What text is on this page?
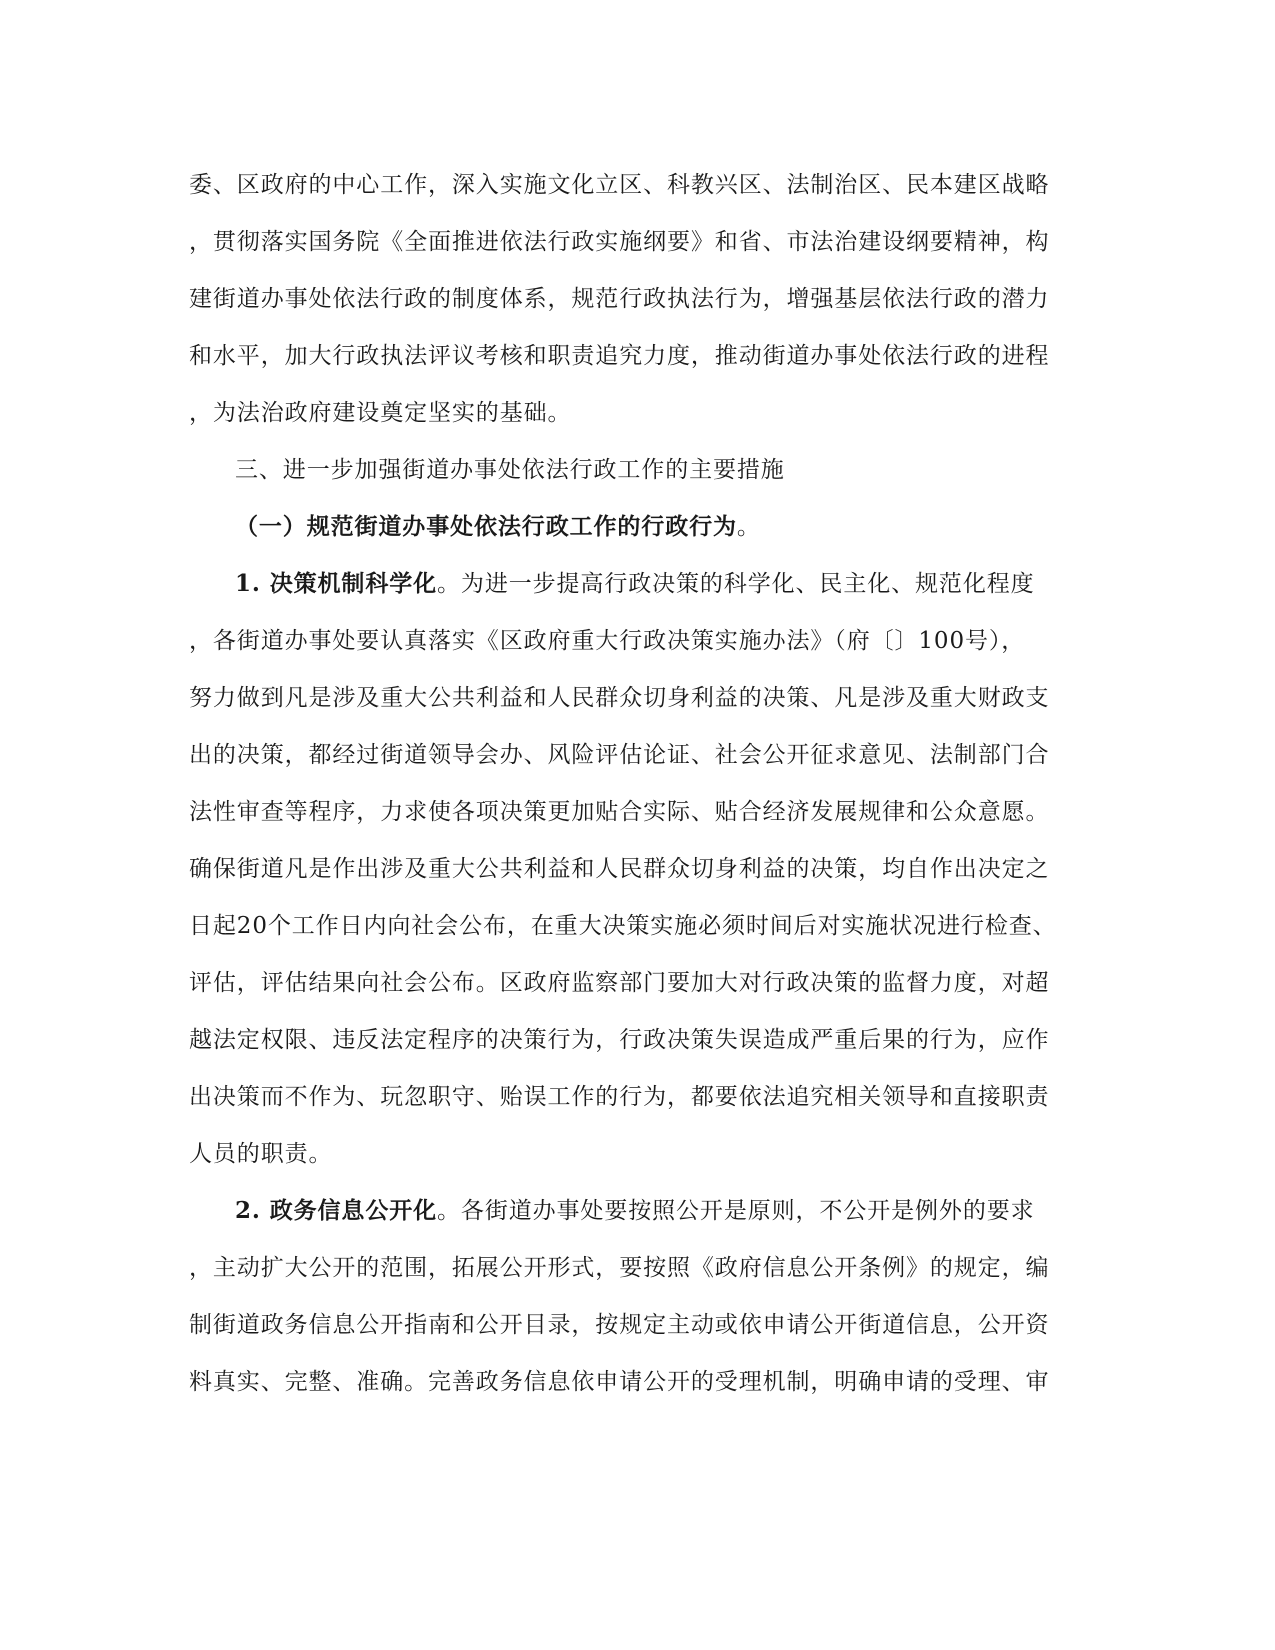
委、区政府的中心工作，深入实施文化立区、科教兴区、法制治区、民本建区战略
，贯彻落实国务院《全面推进依法行政实施纲要》和省、市法治建设纲要精神，构
建街道办事处依法行政的制度体系，规范行政执法行为，增强基层依法行政的潜力
和水平，加大行政执法评议考核和职责追究力度，推动街道办事处依法行政的进程
，为法治政府建设奠定坚实的基础。
三、进一步加强街道办事处依法行政工作的主要措施
（一）规范街道办事处依法行政工作的行政行为。
1. 决策机制科学化。为进一步提高行政决策的科学化、民主化、规范化程度
，各街道办事处要认真落实《区政府重大行政决策实施办法》（府〔〕100号），
努力做到凡是涉及重大公共利益和人民群众切身利益的决策、凡是涉及重大财政支
出的决策，都经过街道领导会办、风险评估论证、社会公开征求意见、法制部门合
法性审查等程序，力求使各项决策更加贴合实际、贴合经济发展规律和公众意愿。
确保街道凡是作出涉及重大公共利益和人民群众切身利益的决策，均自作出决定之
日起20个工作日内向社会公布，在重大决策实施必须时间后对实施状况进行检查、
评估，评估结果向社会公布。区政府监察部门要加大对行政决策的监督力度，对超
越法定权限、违反法定程序的决策行为，行政决策失误造成严重后果的行为，应作
出决策而不作为、玩忽职守、贻误工作的行为，都要依法追究相关领导和直接职责
人员的职责。
2. 政务信息公开化。各街道办事处要按照公开是原则，不公开是例外的要求
，主动扩大公开的范围，拓展公开形式，要按照《政府信息公开条例》的规定，编
制街道政务信息公开指南和公开目录，按规定主动或依申请公开街道信息，公开资
料真实、完整、准确。完善政务信息依申请公开的受理机制，明确申请的受理、审
